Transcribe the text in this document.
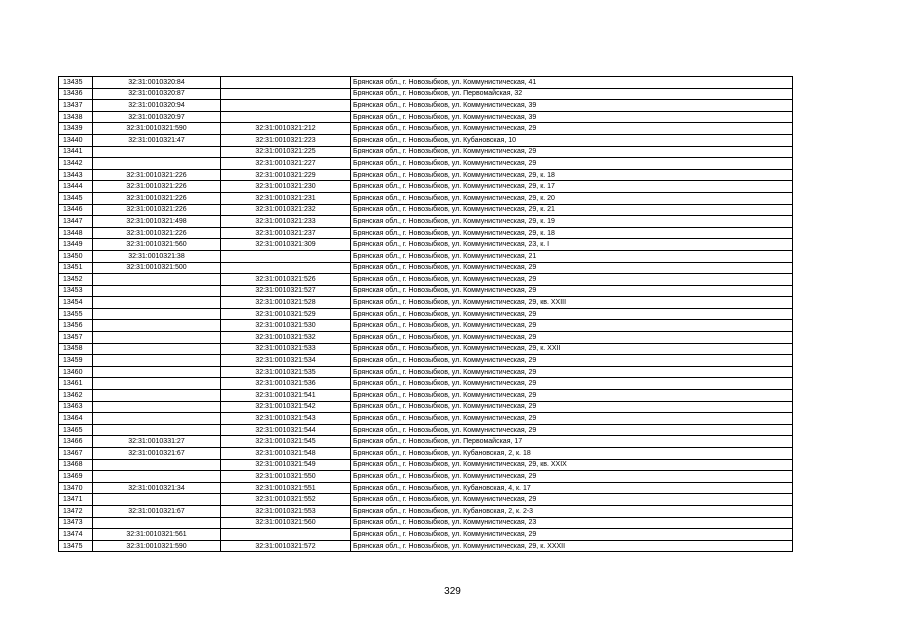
13435	32:31:0010320:84		Брянская обл., г. Новозыбков, ул. Коммунистическая, 41
13436	32:31:0010320:87		Брянская обл., г. Новозыбков, ул. Первомайская, 32
13437	32:31:0010320:94		Брянская обл., г. Новозыбков, ул. Коммунистическая, 39
13438	32:31:0010320:97		Брянская обл., г. Новозыбков, ул. Коммунистическая, 39
13439	32:31:0010321:590	32:31:0010321:212	Брянская обл., г. Новозыбков, ул. Коммунистическая, 29
13440	32:31:0010321:47	32:31:0010321:223	Брянская обл., г. Новозыбков, ул. Кубановская, 10
13441		32:31:0010321:225	Брянская обл., г. Новозыбков, ул. Коммунистическая, 29
13442		32:31:0010321:227	Брянская обл., г. Новозыбков, ул. Коммунистическая, 29
13443	32:31:0010321:226	32:31:0010321:229	Брянская обл., г. Новозыбков, ул. Коммунистическая, 29, к. 18
13444	32:31:0010321:226	32:31:0010321:230	Брянская обл., г. Новозыбков, ул. Коммунистическая, 29, к. 17
13445	32:31:0010321:226	32:31:0010321:231	Брянская обл., г. Новозыбков, ул. Коммунистическая, 29, к. 20
13446	32:31:0010321:226	32:31:0010321:232	Брянская обл., г. Новозыбков, ул. Коммунистическая, 29, к. 21
13447	32:31:0010321:498	32:31:0010321:233	Брянская обл., г. Новозыбков, ул. Коммунистическая, 29, к. 19
13448	32:31:0010321:226	32:31:0010321:237	Брянская обл., г. Новозыбков, ул. Коммунистическая, 29, к. 18
13449	32:31:0010321:560	32:31:0010321:309	Брянская обл., г. Новозыбков, ул. Коммунистическая, 23, к. I
13450	32:31:0010321:38		Брянская обл., г. Новозыбков, ул. Коммунистическая, 21
13451	32:31:0010321:500		Брянская обл., г. Новозыбков, ул. Коммунистическая, 29
13452		32:31:0010321:526	Брянская обл., г. Новозыбков, ул. Коммунистическая, 29
13453		32:31:0010321:527	Брянская обл., г. Новозыбков, ул. Коммунистическая, 29
13454		32:31:0010321:528	Брянская обл., г. Новозыбков, ул. Коммунистическая, 29, кв. XXIII
13455		32:31:0010321:529	Брянская обл., г. Новозыбков, ул. Коммунистическая, 29
13456		32:31:0010321:530	Брянская обл., г. Новозыбков, ул. Коммунистическая, 29
13457		32:31:0010321:532	Брянская обл., г. Новозыбков, ул. Коммунистическая, 29
13458		32:31:0010321:533	Брянская обл., г. Новозыбков, ул. Коммунистическая, 29, к. XXII
13459		32:31:0010321:534	Брянская обл., г. Новозыбков, ул. Коммунистическая, 29
13460		32:31:0010321:535	Брянская обл., г. Новозыбков, ул. Коммунистическая, 29
13461		32:31:0010321:536	Брянская обл., г. Новозыбков, ул. Коммунистическая, 29
13462		32:31:0010321:541	Брянская обл., г. Новозыбков, ул. Коммунистическая, 29
13463		32:31:0010321:542	Брянская обл., г. Новозыбков, ул. Коммунистическая, 29
13464		32:31:0010321:543	Брянская обл., г. Новозыбков, ул. Коммунистическая, 29
13465		32:31:0010321:544	Брянская обл., г. Новозыбков, ул. Коммунистическая, 29
13466	32:31:0010331:27	32:31:0010321:545	Брянская обл., г. Новозыбков, ул. Первомайская, 17
13467	32:31:0010321:67	32:31:0010321:548	Брянская обл., г. Новозыбков, ул. Кубановская, 2, к. 18
13468		32:31:0010321:549	Брянская обл., г. Новозыбков, ул. Коммунистическая, 29, кв. XXIX
13469		32:31:0010321:550	Брянская обл., г. Новозыбков, ул. Коммунистическая, 29
13470	32:31:0010321:34	32:31:0010321:551	Брянская обл., г. Новозыбков, ул. Кубановская, 4, к. 17
13471		32:31:0010321:552	Брянская обл., г. Новозыбков, ул. Коммунистическая, 29
13472	32:31:0010321:67	32:31:0010321:553	Брянская обл., г. Новозыбков, ул. Кубановская, 2, к. 2-3
13473		32:31:0010321:560	Брянская обл., г. Новозыбков, ул. Коммунистическая, 23
13474	32:31:0010321:561		Брянская обл., г. Новозыбков, ул. Коммунистическая, 29
13475	32:31:0010321:590	32:31:0010321:572	Брянская обл., г. Новозыбков, ул. Коммунистическая, 29, к. XXXII
329
